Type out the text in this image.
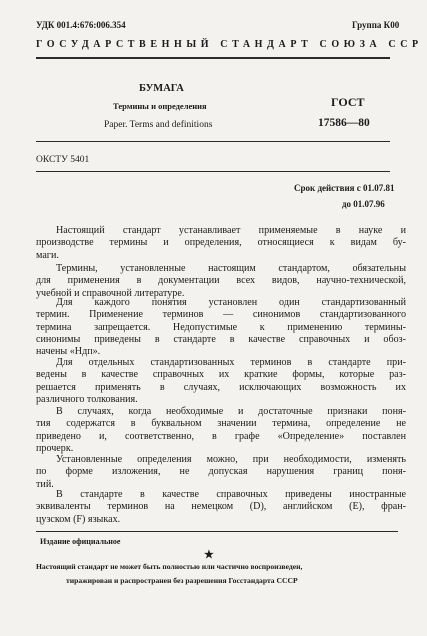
УДК 001.4:676:006.354	Группа К00
ГОСУДАРСТВЕННЫЙ СТАНДАРТ СОЮЗА ССР
БУМАГА
Термины и определения
Paper. Terms and definitions
ГОСТ
17586—80
ОКСТУ 5401
Срок действия с 01.07.81
до 01.07.96
Настоящий стандарт устанавливает применяемые в науке и
производстве термины и определения, относящиеся к видам бу-
маги.
Термины, установленные настоящим стандартом, обязательны
для применения в документации всех видов, научно-технической,
учебной и справочной литературе.
Для каждого понятия установлен один стандартизованный
термин. Применение терминов — синонимов стандартизованного
термина запрещается. Недопустимые к применению термины-
синонимы приведены в стандарте в качестве справочных и обоз-
начены «Ндп».
Для отдельных стандартизованных терминов в стандарте при-
ведены в качестве справочных их краткие формы, которые раз-
решается применять в случаях, исключающих возможность их
различного толкования.
В случаях, когда необходимые и достаточные признаки поня-
тия содержатся в буквальном значении термина, определение не
приведено и, соответственно, в графе «Определение» поставлен
прочерк.
Установленные определения можно, при необходимости, изменять
по форме изложения, не допуская нарушения границ поня-
тий.
В стандарте в качестве справочных приведены иностранные
эквиваленты терминов на немецком (D), английском (E), фран-
цузском (F) языках.
Издание официальное
★
Настоящий стандарт не может быть полностью или частично воспроизведен,
тиражирован и распространен без разрешения Госстандарта СССР
